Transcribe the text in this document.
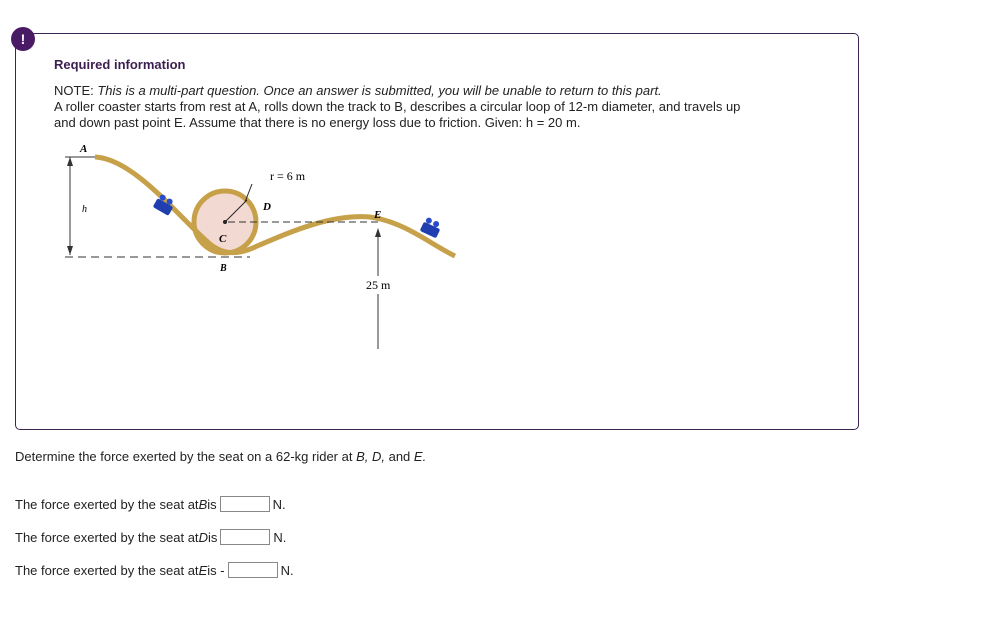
!
Required information
NOTE: This is a multi-part question. Once an answer is submitted, you will be unable to return to this part.
A roller coaster starts from rest at A, rolls down the track to B, describes a circular loop of 12-m diameter, and travels up
and down past point E. Assume that there is no energy loss due to friction. Given: h = 20 m.
A
h	D
r = 6 m
C
B
E
25 m
Determine the force exerted by the seat on a 62-kg rider at B, D, and E.
The force exerted by the seat at B is	N.
The force exerted by the seat at D is	N.
The force exerted by the seat at E is -	N.
